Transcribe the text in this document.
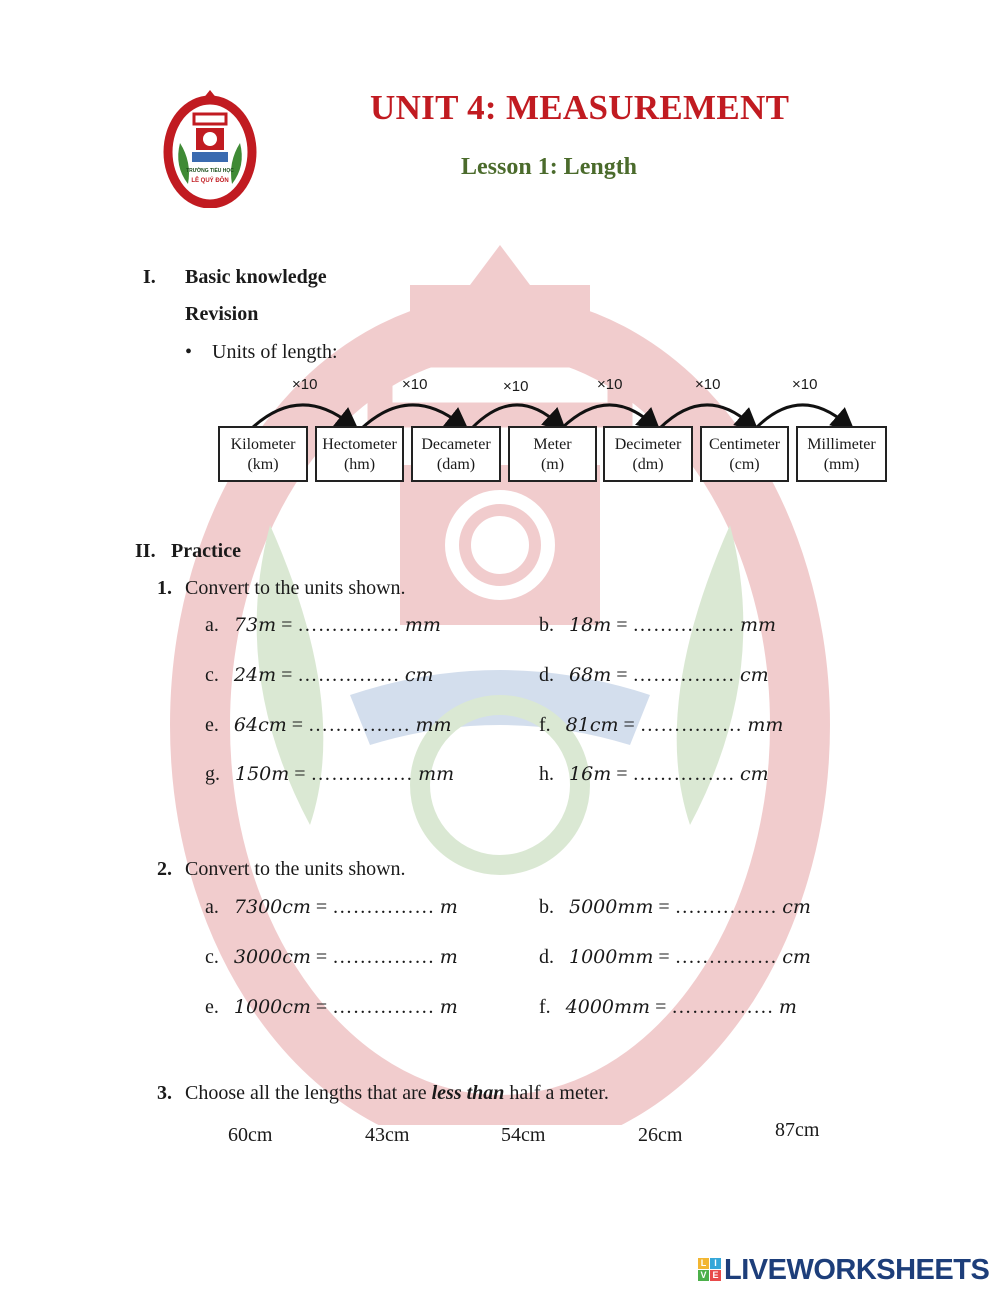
TRƯỜNG TIỂU HỌC
LÊ QUÝ ĐÔN
UNIT 4: MEASUREMENT
Lesson 1: Length
I. Basic knowledge
Revision
• Units of length:
×10	×10	×10	×10	×10	×10
Kilometer
(km)
Hectometer
(hm)
Decameter
(dam)
Meter
(m)
Decimeter
(dm)
Centimeter
(cm)
Millimeter
(mm)
II. Practice
1. Convert to the units shown.
a. 73m = …………… mm	b. 18m = …………… mm
c. 24m = …………… cm	d. 68m = …………… cm
e. 64cm = …………… mm	f. 81cm = …………… mm
g. 150m = …………… mm	h. 16m = …………… cm
2. Convert to the units shown.
a. 7300cm = …………… m	b. 5000mm = …………… cm
c. 3000cm = …………… m	d. 1000mm = …………… cm
e. 1000cm = …………… m	f. 4000mm = …………… m
3. Choose all the lengths that are less than half a meter.
60cm	43cm	54cm	26cm	87cm
L I
V E LIVEWORKSHEETS
